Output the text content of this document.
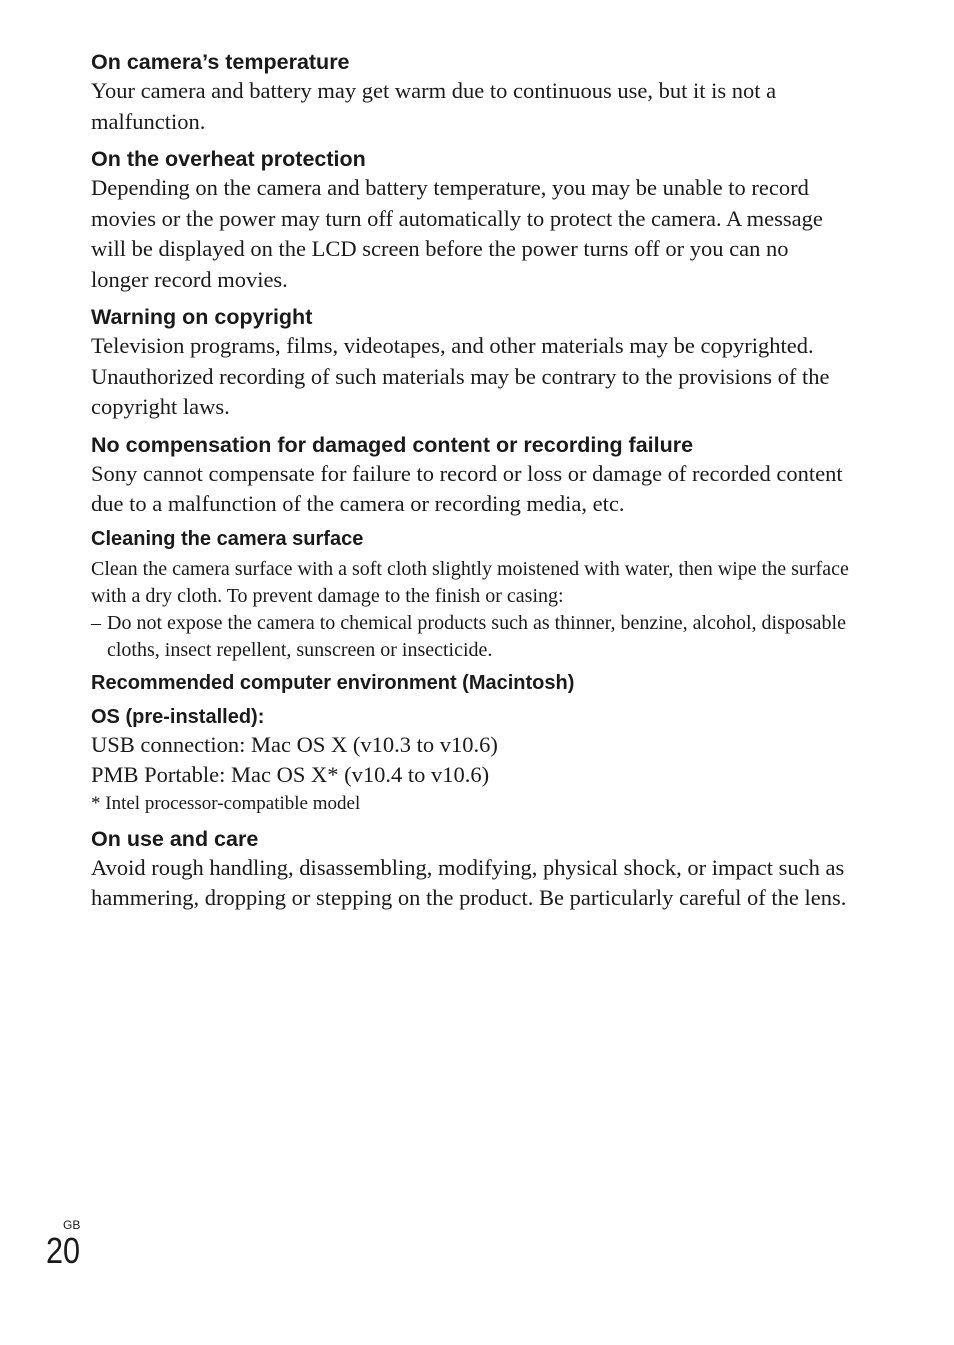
On camera’s temperature

Your camera and battery may get warm due to continuous use, but it is not a malfunction.

On the overheat protection

Depending on the camera and battery temperature, you may be unable to record movies or the power may turn off automatically to protect the camera. A message will be displayed on the LCD screen before the power turns off or you can no longer record movies.

Warning on copyright

Television programs, films, videotapes, and other materials may be copyrighted. Unauthorized recording of such materials may be contrary to the provisions of the copyright laws.

No compensation for damaged content or recording failure

Sony cannot compensate for failure to record or loss or damage of recorded content due to a malfunction of the camera or recording media, etc.

Cleaning the camera surface

Clean the camera surface with a soft cloth slightly moistened with water, then wipe the surface with a dry cloth. To prevent damage to the finish or casing:

– Do not expose the camera to chemical products such as thinner, benzine, alcohol, disposable cloths, insect repellent, sunscreen or insecticide.
Recommended computer environment (Macintosh)
OS (pre-installed):

USB connection: Mac OS X (v10.3 to v10.6)

PMB Portable: Mac OS X* (v10.4 to v10.6)

* Intel processor-compatible model

On use and care

Avoid rough handling, disassembling, modifying, physical shock, or impact such as hammering, dropping or stepping on the product. Be particularly careful of the lens.

GB
20
